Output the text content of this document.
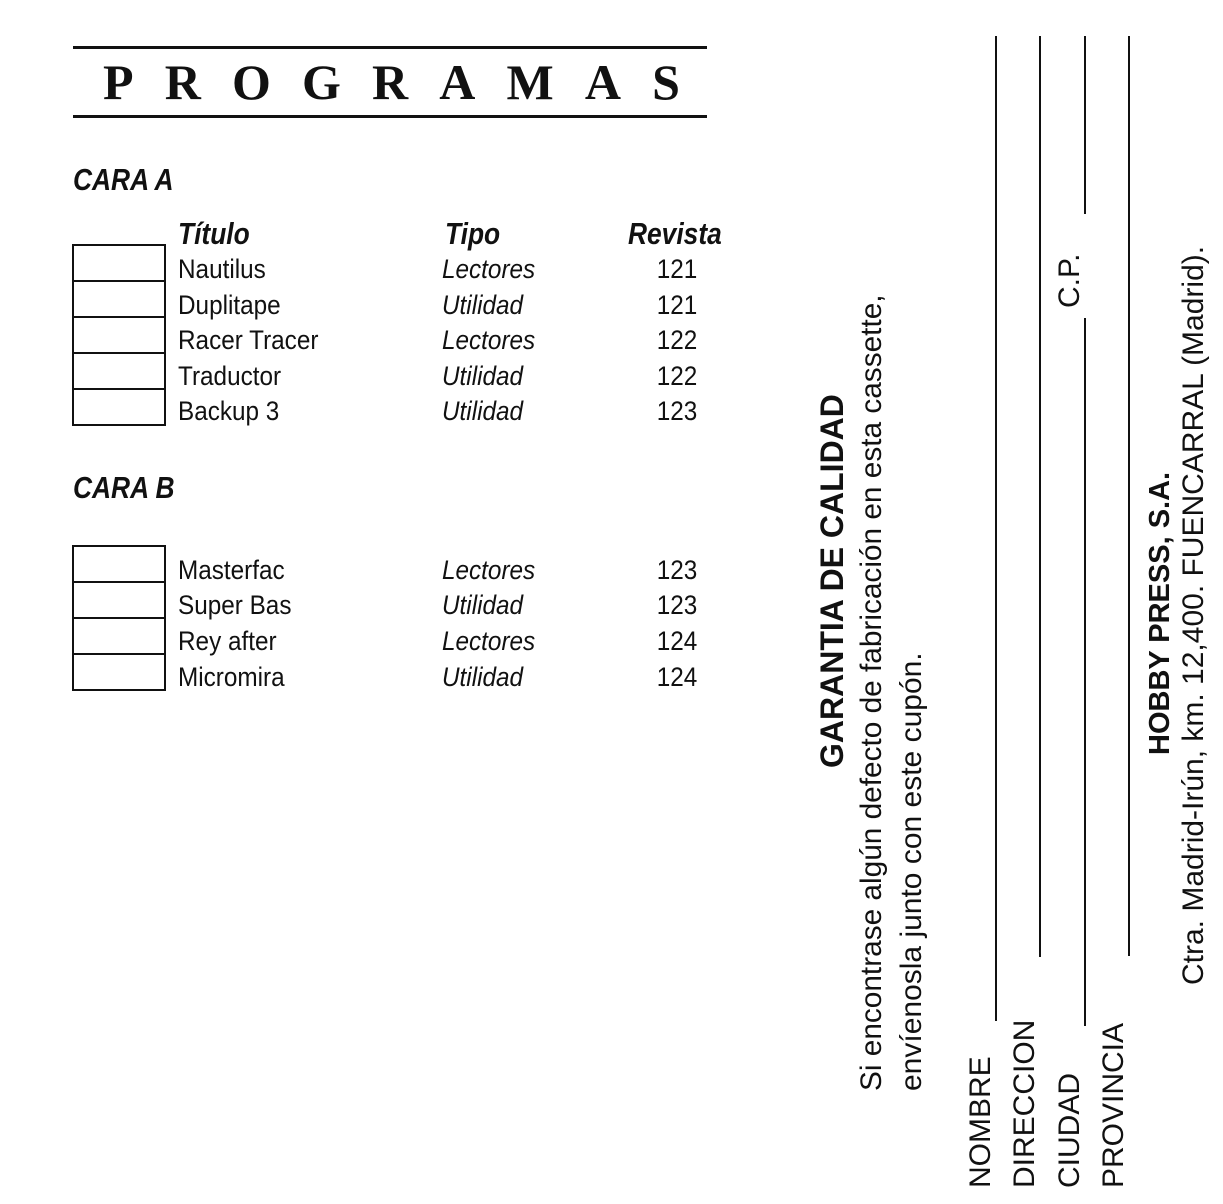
P R O G R A M A S
CARA A
Título	Tipo	Revista
Nautilus	Lectores	121
Duplitape	Utilidad	121
Racer Tracer	Lectores	122
Traductor	Utilidad	122
Backup 3	Utilidad	123
CARA B
Masterfac	Lectores	123
Super Bas	Utilidad	123
Rey after	Lectores	124
Micromira	Utilidad	124	GARANTIA DE CALIDAD Si encontrase algún defecto de fabricación en esta cassette, envíenosla junto con este cupón.
NOMBRE DIRECCION CIUDAD
C.P.
PROVINCIA
HOBBY PRESS, S.A. Ctra. Madrid-Irún, km. 12,400. FUENCARRAL (Madrid).
